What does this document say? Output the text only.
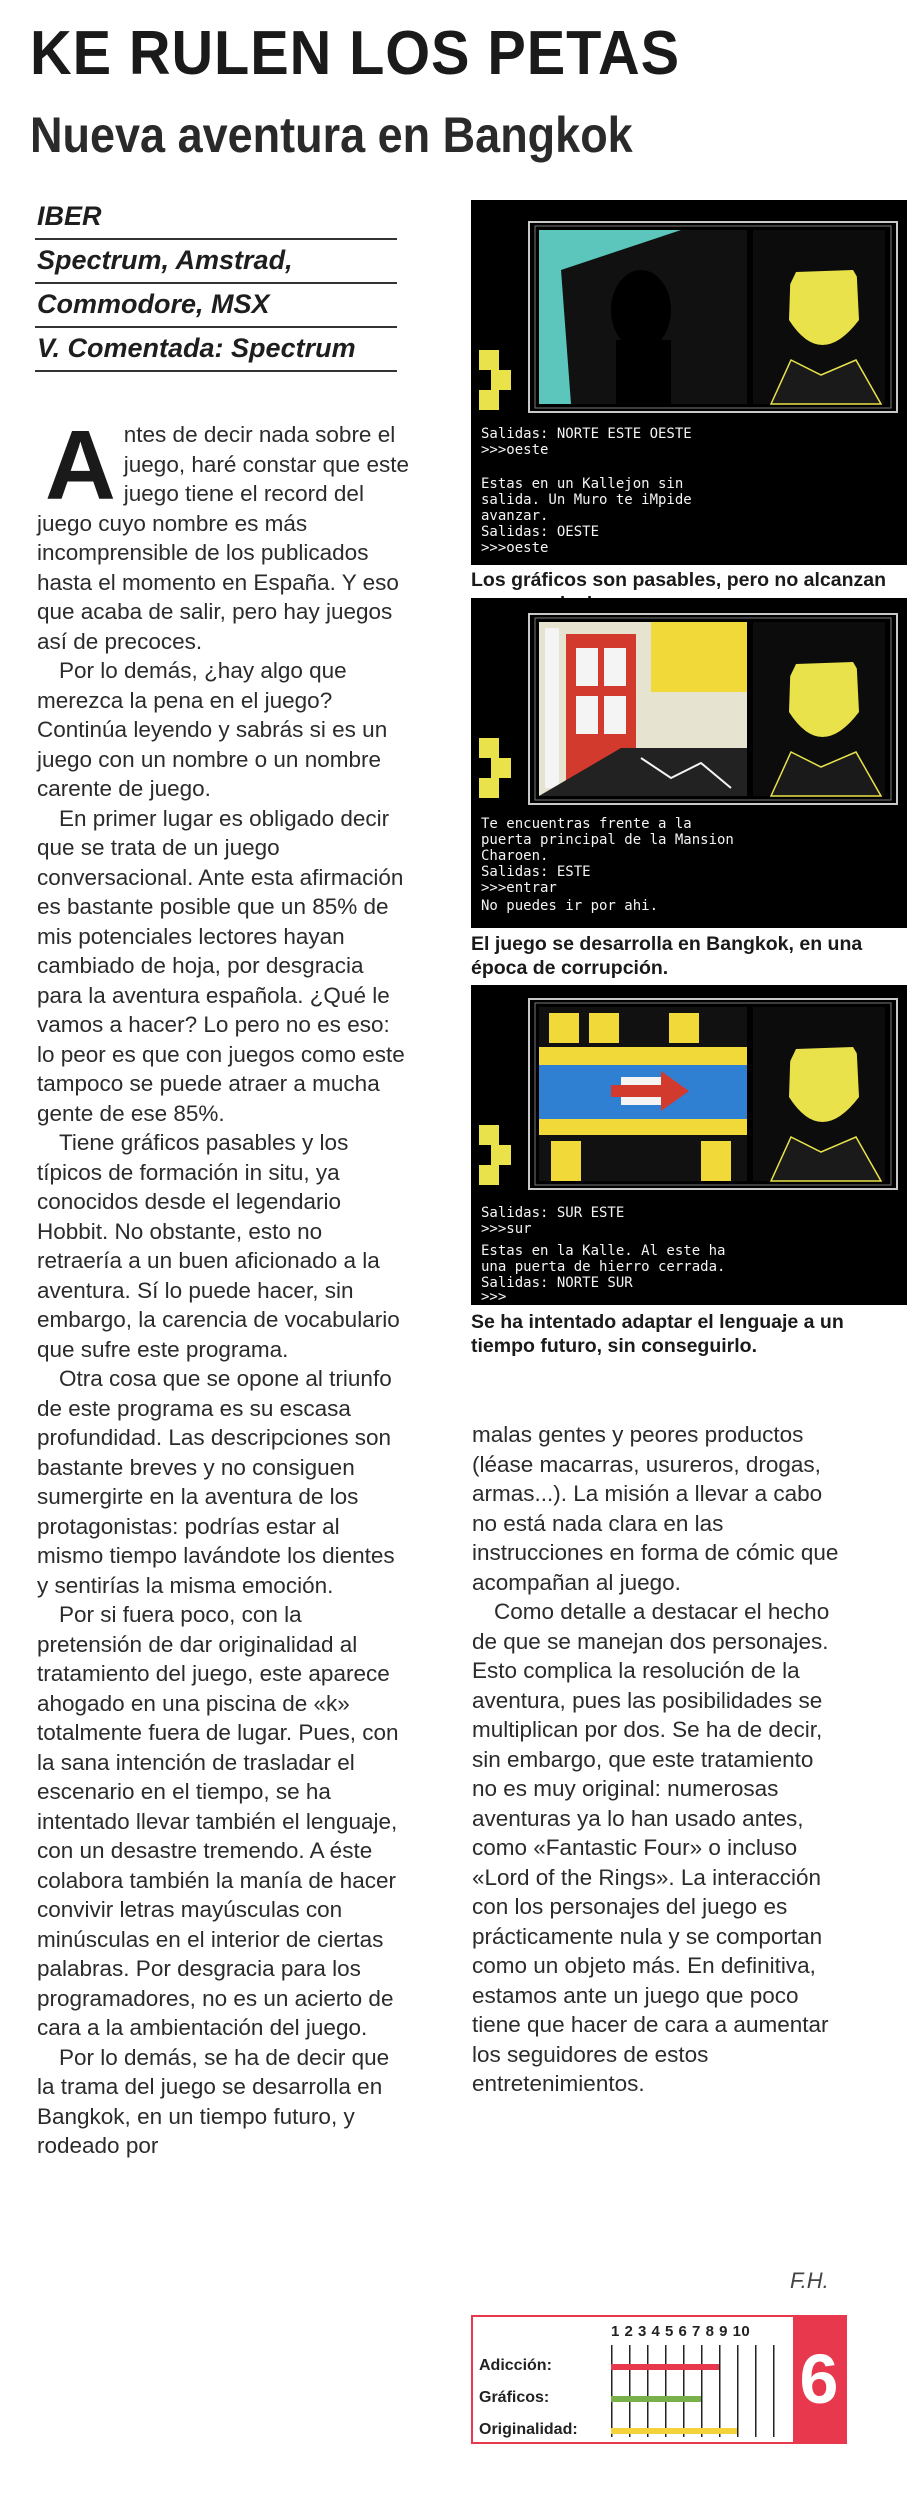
KE RULEN LOS PETAS
Nueva aventura en Bangkok
IBER
Spectrum, Amstrad,
Commodore, MSX
V. Comentada: Spectrum

Antes de decir nada sobre el juego, haré constar que este juego tiene el record del juego cuyo nombre es más incomprensible de los publicados hasta el momento en España. Y eso que acaba de salir, pero hay juegos así de precoces.

Por lo demás, ¿hay algo que merezca la pena en el juego? Continúa leyendo y sabrás si es un juego con un nombre o un nombre carente de juego.

En primer lugar es obligado decir que se trata de un juego conversacional. Ante esta afirmación es bastante posible que un 85% de mis potenciales lectores hayan cambiado de hoja, por desgracia para la aventura española. ¿Qué le vamos a hacer? Lo pero no es eso: lo peor es que con juegos como este tampoco se puede atraer a mucha gente de ese 85%.

Tiene gráficos pasables y los típicos de formación in situ, ya conocidos desde el legendario Hobbit. No obstante, esto no retraería a un buen aficionado a la aventura. Sí lo puede hacer, sin embargo, la carencia de vocabulario que sufre este programa.

Otra cosa que se opone al triunfo de este programa es su escasa profundidad. Las descripciones son bastante breves y no consiguen sumergirte en la aventura de los protagonistas: podrías estar al mismo tiempo lavándote los dientes y sentirías la misma emoción.

Por si fuera poco, con la pretensión de dar originalidad al tratamiento del juego, este aparece ahogado en una piscina de «k» totalmente fuera de lugar. Pues, con la sana intención de trasladar el escenario en el tiempo, se ha intentado llevar también el lenguaje, con un desastre tremendo. A éste colabora también la manía de hacer convivir letras mayúsculas con minúsculas en el interior de ciertas palabras. Por desgracia para los programadores, no es un acierto de cara a la ambientación del juego.

Por lo demás, se ha de decir que la trama del juego se desarrolla en Bangkok, en un tiempo futuro, y rodeado por

Salidas: NORTE ESTE OESTE
>>>oeste
Estas en un Kallejon sin
salida. Un Muro te iMpide
avanzar.
Salidas: OESTE
>>>oeste
Los gráficos son pasables, pero no alcanzan
Te encuentras frente a la
puerta principal de la Mansion
Charoen.
Salidas: ESTE
>>>entrar
No puedes ir por ahi.
El juego se desarrolla en Bangkok, en una época de corrupción.
Salidas: SUR ESTE
>>>sur
Estas en la Kalle. Al este ha
una puerta de hierro cerrada.
Salidas: NORTE SUR
>>>
Se ha intentado adaptar el lenguaje a un tiempo futuro, sin conseguirlo.

malas gentes y peores productos (léase macarras, usureros, drogas, armas...). La misión a llevar a cabo no está nada clara en las instrucciones en forma de cómic que acompañan al juego.

Como detalle a destacar el hecho de que se manejan dos personajes. Esto complica la resolución de la aventura, pues las posibilidades se multiplican por dos. Se ha de decir, sin embargo, que este tratamiento no es muy original: numerosas aventuras ya lo han usado antes, como «Fantastic Four» o incluso «Lord of the Rings». La interacción con los personajes del juego es prácticamente nula y se comportan como un objeto más. En definitiva, estamos ante un juego que poco tiene que hacer de cara a aumentar los seguidores de estos entretenimientos.

F.H.
1 2 3 4 5 6 7 8 9 10
Adicción:
Gráficos:
Originalidad:
6
